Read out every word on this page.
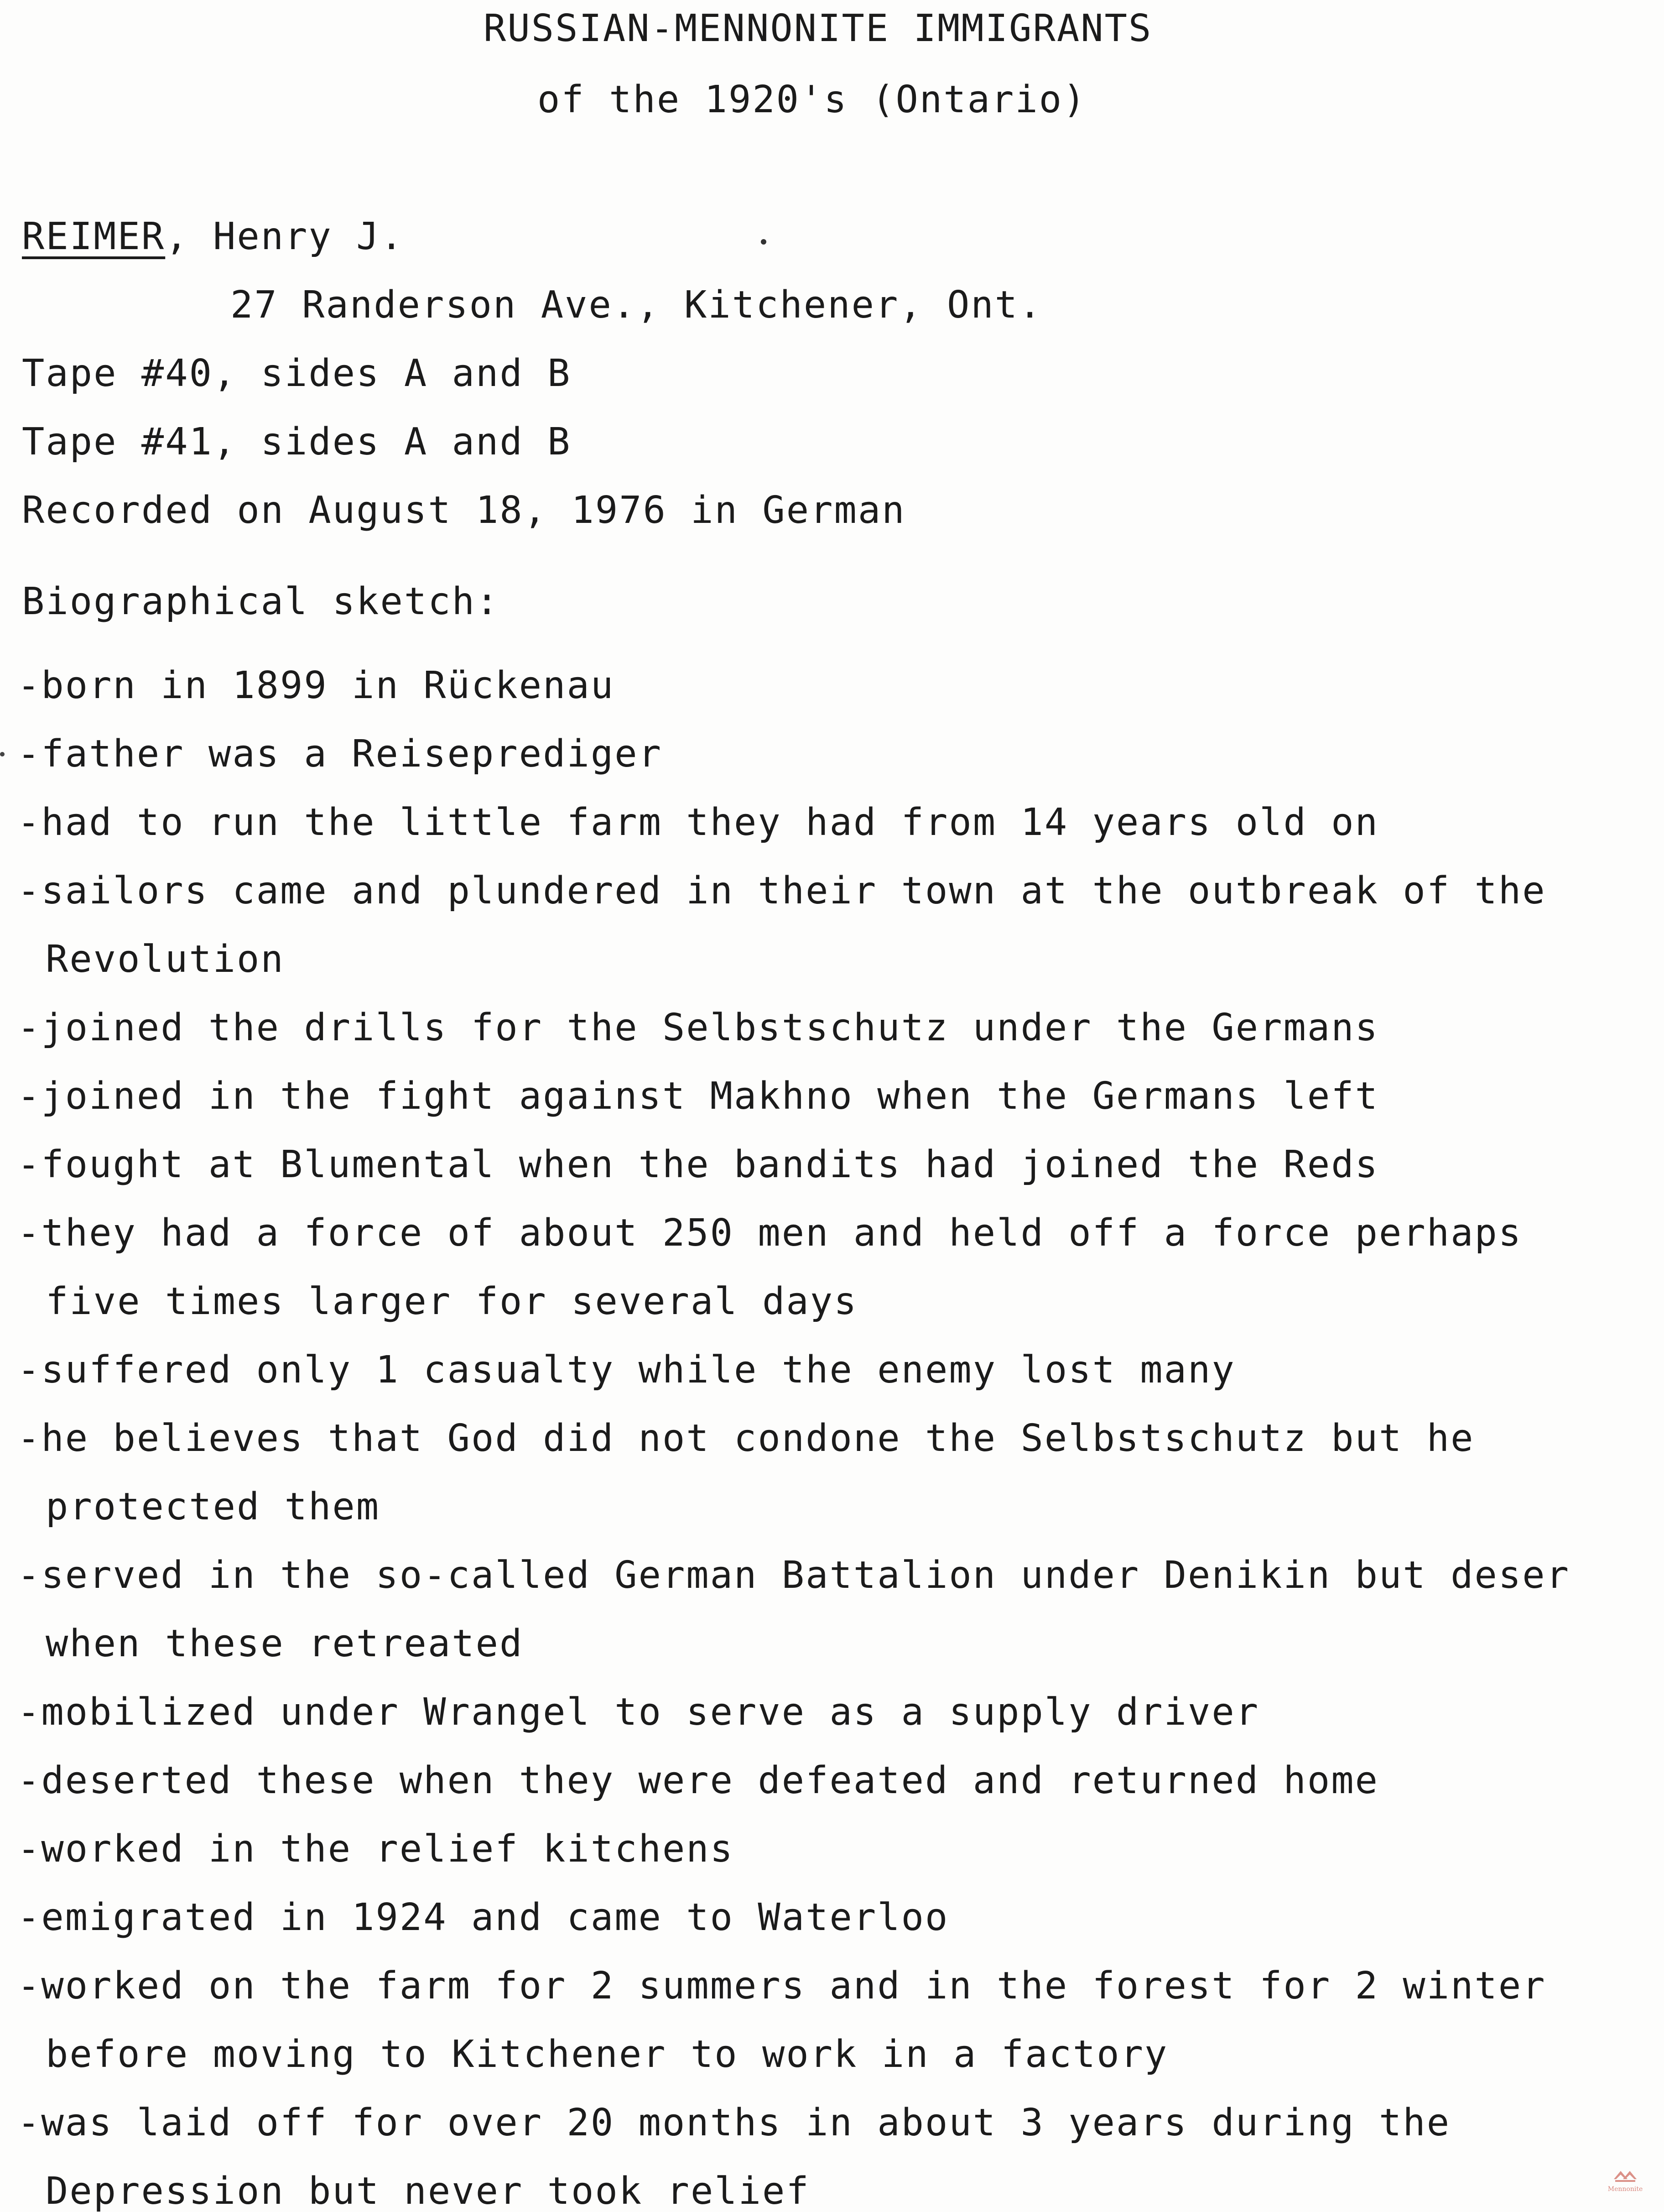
RUSSIAN-MENNONITE IMMIGRANTS
of the 1920's (Ontario)
REIMER, Henry J.
27 Randerson Ave., Kitchener, Ont.
Tape #40, sides A and B
Tape #41, sides A and B
Recorded on August 18, 1976 in German
Biographical sketch:
-born in 1899 in Rückenau
-father was a Reiseprediger
-had to run the little farm they had from 14 years old on
-sailors came and plundered in their town at the outbreak of the
Revolution
-joined the drills for the Selbstschutz under the Germans
-joined in the fight against Makhno when the Germans left
-fought at Blumental when the bandits had joined the Reds
-they had a force of about 250 men and held off a force perhaps
five times larger for several days
-suffered only 1 casualty while the enemy lost many
-he believes that God did not condone the Selbstschutz but he
protected them
-served in the so-called German Battalion under Denikin but deser
when these retreated
-mobilized under Wrangel to serve as a supply driver
-deserted these when they were defeated and returned home
-worked in the relief kitchens
-emigrated in 1924 and came to Waterloo
-worked on the farm for 2 summers and in the forest for 2 winter
before moving to Kitchener to work in a factory
-was laid off for over 20 months in about 3 years during the
Depression but never took relief	Mennonite
